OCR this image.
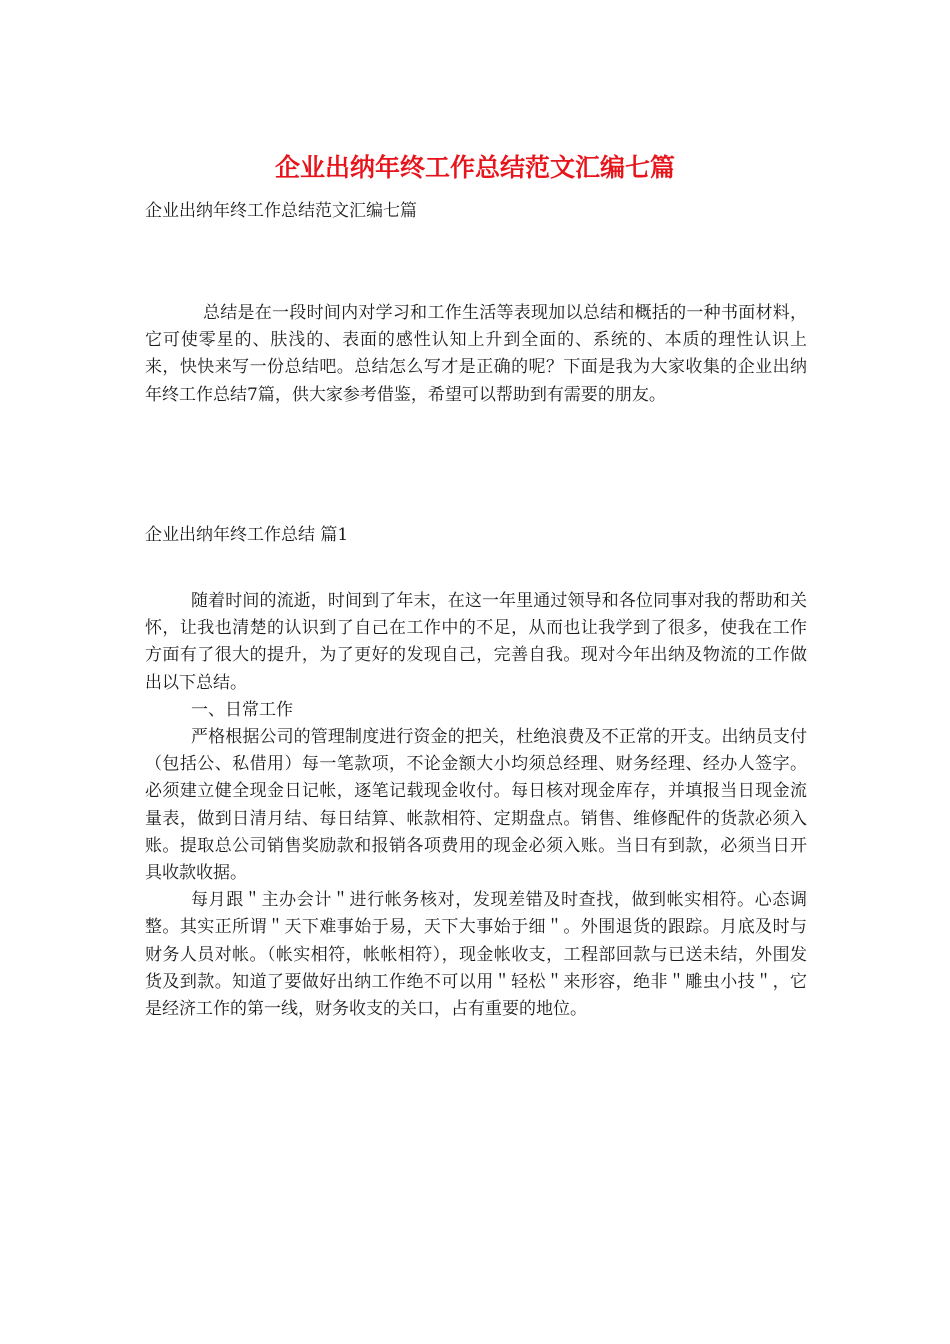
企业出纳年终工作总结范文汇编七篇
企业出纳年终工作总结范文汇编七篇

总结是在一段时间内对学习和工作生活等表现加以总结和概括的一种书面材料，它可使零星的、肤浅的、表面的感性认知上升到全面的、系统的、本质的理性认识上来，快快来写一份总结吧。总结怎么写才是正确的呢？下面是我为大家收集的企业出纳年终工作总结7篇，供大家参考借鉴，希望可以帮助到有需要的朋友。

企业出纳年终工作总结 篇1

随着时间的流逝，时间到了年末，在这一年里通过领导和各位同事对我的帮助和关怀，让我也清楚的认识到了自己在工作中的不足，从而也让我学到了很多，使我在工作方面有了很大的提升，为了更好的发现自己，完善自我。现对今年出纳及物流的工作做出以下总结。

一、日常工作

严格根据公司的管理制度进行资金的把关，杜绝浪费及不正常的开支。出纳员支付（包括公、私借用）每一笔款项，不论金额大小均须总经理、财务经理、经办人签字。必须建立健全现金日记帐，逐笔记载现金收付。每日核对现金库存，并填报当日现金流量表，做到日清月结、每日结算、帐款相符、定期盘点。销售、维修配件的货款必须入账。提取总公司销售奖励款和报销各项费用的现金必须入账。当日有到款，必须当日开具收款收据。

每月跟＂主办会计＂进行帐务核对，发现差错及时查找，做到帐实相符。心态调整。其实正所谓＂天下难事始于易，天下大事始于细＂。外围退货的跟踪。月底及时与财务人员对帐。（帐实相符，帐帐相符），现金帐收支，工程部回款与已送未结，外围发货及到款。知道了要做好出纳工作绝不可以用＂轻松＂来形容，绝非＂雕虫小技＂，它是经济工作的第一线，财务收支的关口，占有重要的地位。
